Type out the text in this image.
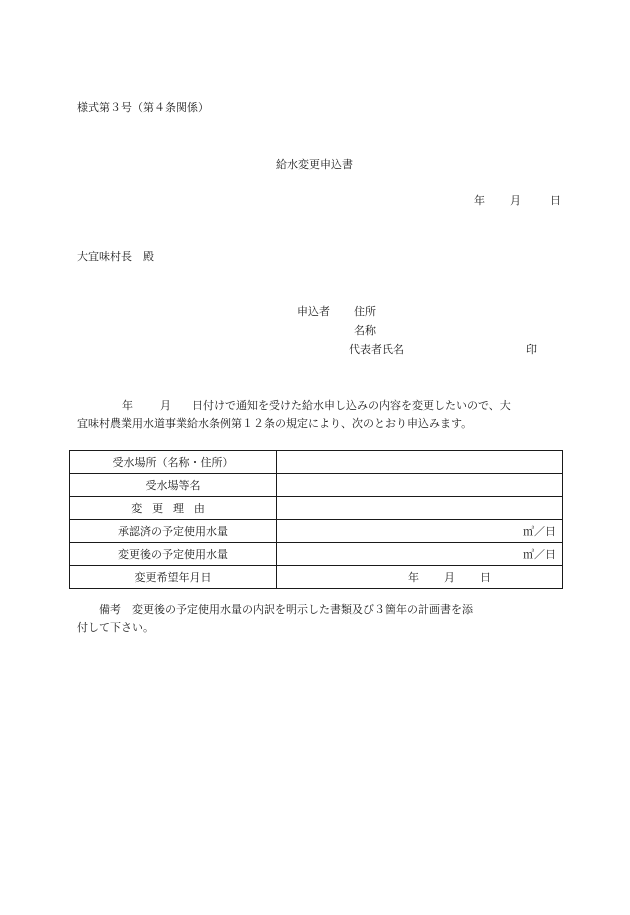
様式第３号（第４条関係）
給水変更申込書
年 月	日
大宜味村長 殿
申込者 住所
名称
代表者氏名	印
年 月 日付けで通知を受けた給水申し込みの内容を変更したいので、大
宜味村農業用水道事業給水条例第１２条の規定により、次のとおり申込みます。
受水場所（名称・住所）	
受水場等名	
変更理由	
承認済の予定使用水量	㎥／日
変更後の予定使用水量	㎥／日
変更希望年月日	年 月 日
備考 変更後の予定使用水量の内訳を明示した書類及び３箇年の計画書を添
付して下さい。
